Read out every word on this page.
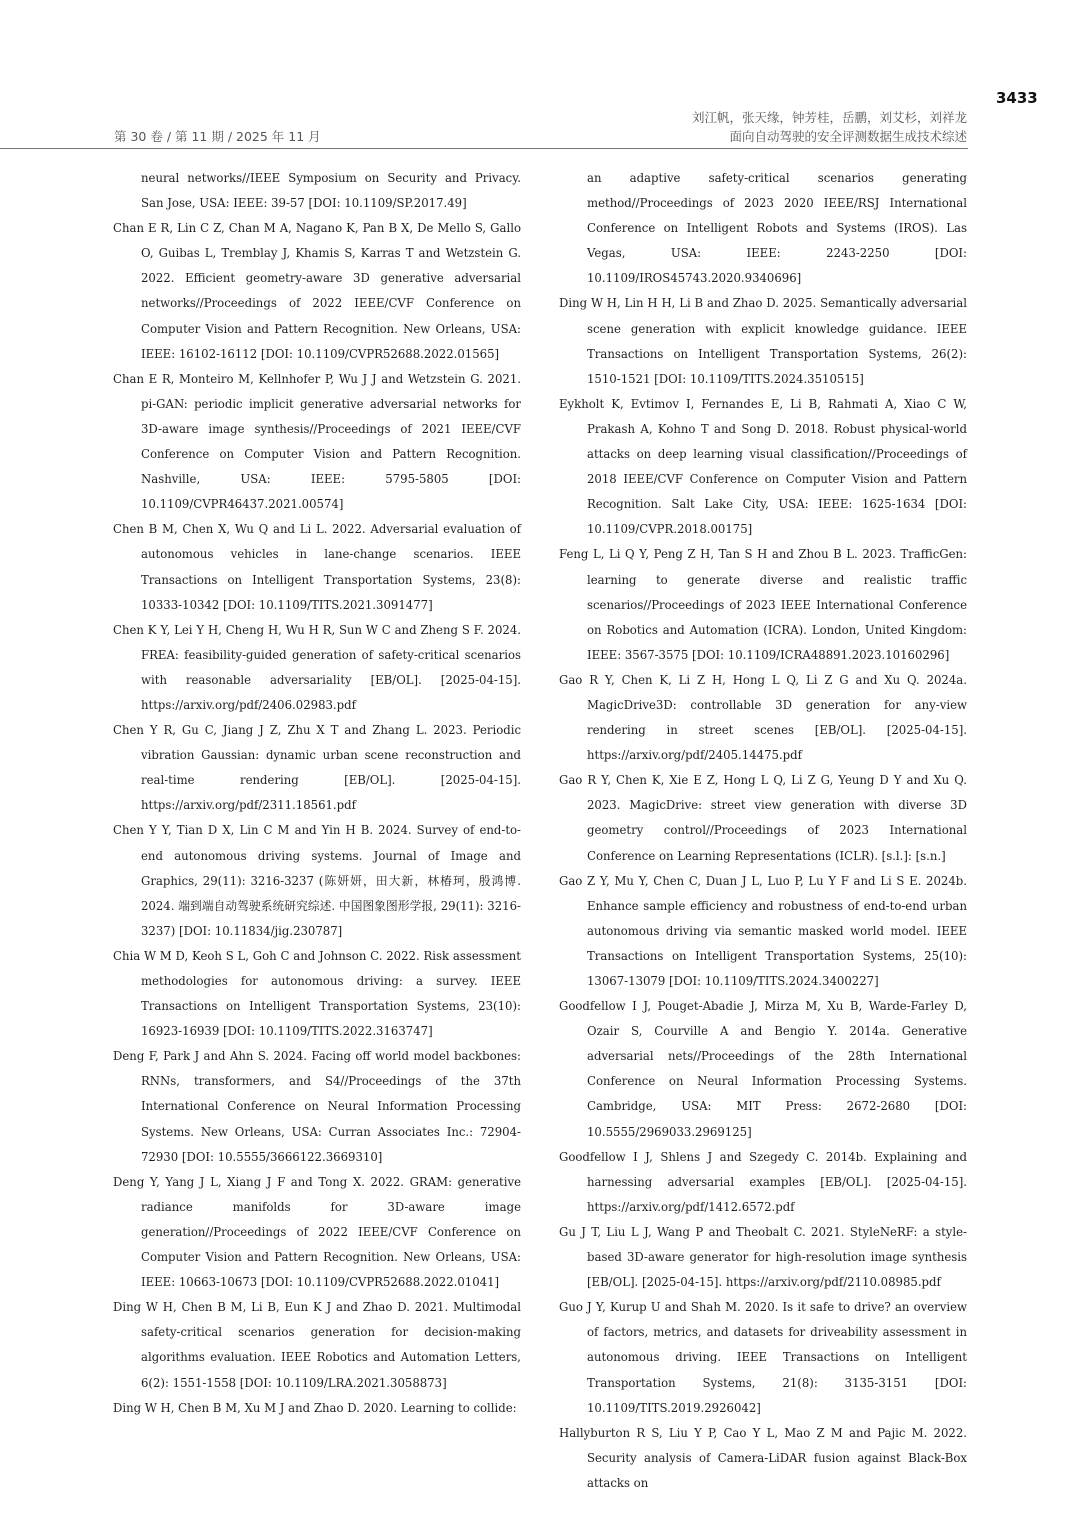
3433
第 30 卷 / 第 11 期 / 2025 年 11 月
刘江帆，张天缘，钟芳桂，岳鹏，刘艾杉，刘祥龙
面向自动驾驶的安全评测数据生成技术综述
neural networks//IEEE Symposium on Security and Privacy. San Jose, USA: IEEE: 39-57 [DOI: 10.1109/SP.2017.49]
Chan E R, Lin C Z, Chan M A, Nagano K, Pan B X, De Mello S, Gallo O, Guibas L, Tremblay J, Khamis S, Karras T and Wetzstein G. 2022. Efficient geometry-aware 3D generative adversarial networks//Proceedings of 2022 IEEE/CVF Conference on Computer Vision and Pattern Recognition. New Orleans, USA: IEEE: 16102-16112 [DOI: 10.1109/CVPR52688.2022.01565]
Chan E R, Monteiro M, Kellnhofer P, Wu J J and Wetzstein G. 2021. pi-GAN: periodic implicit generative adversarial networks for 3D-aware image synthesis//Proceedings of 2021 IEEE/CVF Conference on Computer Vision and Pattern Recognition. Nashville, USA: IEEE: 5795-5805 [DOI: 10.1109/CVPR46437.2021.00574]
Chen B M, Chen X, Wu Q and Li L. 2022. Adversarial evaluation of autonomous vehicles in lane-change scenarios. IEEE Transactions on Intelligent Transportation Systems, 23(8): 10333-10342 [DOI: 10.1109/TITS.2021.3091477]
Chen K Y, Lei Y H, Cheng H, Wu H R, Sun W C and Zheng S F. 2024. FREA: feasibility-guided generation of safety-critical scenarios with reasonable adversariality [EB/OL]. [2025-04-15]. https://arxiv.org/pdf/2406.02983.pdf
Chen Y R, Gu C, Jiang J Z, Zhu X T and Zhang L. 2023. Periodic vibration Gaussian: dynamic urban scene reconstruction and real-time rendering [EB/OL]. [2025-04-15]. https://arxiv.org/pdf/2311.18561.pdf
Chen Y Y, Tian D X, Lin C M and Yin H B. 2024. Survey of end-to-end autonomous driving systems. Journal of Image and Graphics, 29(11): 3216-3237 (陈妍妍，田大新，林椿珂，殷鸿博. 2024. 端到端自动驾驶系统研究综述. 中国图象图形学报, 29(11): 3216-3237) [DOI: 10.11834/jig.230787]
Chia W M D, Keoh S L, Goh C and Johnson C. 2022. Risk assessment methodologies for autonomous driving: a survey. IEEE Transactions on Intelligent Transportation Systems, 23(10): 16923-16939 [DOI: 10.1109/TITS.2022.3163747]
Deng F, Park J and Ahn S. 2024. Facing off world model backbones: RNNs, transformers, and S4//Proceedings of the 37th International Conference on Neural Information Processing Systems. New Orleans, USA: Curran Associates Inc.: 72904-72930 [DOI: 10.5555/3666122.3669310]
Deng Y, Yang J L, Xiang J F and Tong X. 2022. GRAM: generative radiance manifolds for 3D-aware image generation//Proceedings of 2022 IEEE/CVF Conference on Computer Vision and Pattern Recognition. New Orleans, USA: IEEE: 10663-10673 [DOI: 10.1109/CVPR52688.2022.01041]
Ding W H, Chen B M, Li B, Eun K J and Zhao D. 2021. Multimodal safety-critical scenarios generation for decision-making algorithms evaluation. IEEE Robotics and Automation Letters, 6(2): 1551-1558 [DOI: 10.1109/LRA.2021.3058873]
Ding W H, Chen B M, Xu M J and Zhao D. 2020. Learning to collide:
an adaptive safety-critical scenarios generating method//Proceedings of 2023 2020 IEEE/RSJ International Conference on Intelligent Robots and Systems (IROS). Las Vegas, USA: IEEE: 2243-2250 [DOI: 10.1109/IROS45743.2020.9340696]
Ding W H, Lin H H, Li B and Zhao D. 2025. Semantically adversarial scene generation with explicit knowledge guidance. IEEE Transactions on Intelligent Transportation Systems, 26(2): 1510-1521 [DOI: 10.1109/TITS.2024.3510515]
Eykholt K, Evtimov I, Fernandes E, Li B, Rahmati A, Xiao C W, Prakash A, Kohno T and Song D. 2018. Robust physical-world attacks on deep learning visual classification//Proceedings of 2018 IEEE/CVF Conference on Computer Vision and Pattern Recognition. Salt Lake City, USA: IEEE: 1625-1634 [DOI: 10.1109/CVPR.2018.00175]
Feng L, Li Q Y, Peng Z H, Tan S H and Zhou B L. 2023. TrafficGen: learning to generate diverse and realistic traffic scenarios//Proceedings of 2023 IEEE International Conference on Robotics and Automation (ICRA). London, United Kingdom: IEEE: 3567-3575 [DOI: 10.1109/ICRA48891.2023.10160296]
Gao R Y, Chen K, Li Z H, Hong L Q, Li Z G and Xu Q. 2024a. MagicDrive3D: controllable 3D generation for any-view rendering in street scenes [EB/OL]. [2025-04-15]. https://arxiv.org/pdf/2405.14475.pdf
Gao R Y, Chen K, Xie E Z, Hong L Q, Li Z G, Yeung D Y and Xu Q. 2023. MagicDrive: street view generation with diverse 3D geometry control//Proceedings of 2023 International Conference on Learning Representations (ICLR). [s.l.]: [s.n.]
Gao Z Y, Mu Y, Chen C, Duan J L, Luo P, Lu Y F and Li S E. 2024b. Enhance sample efficiency and robustness of end-to-end urban autonomous driving via semantic masked world model. IEEE Transactions on Intelligent Transportation Systems, 25(10): 13067-13079 [DOI: 10.1109/TITS.2024.3400227]
Goodfellow I J, Pouget-Abadie J, Mirza M, Xu B, Warde-Farley D, Ozair S, Courville A and Bengio Y. 2014a. Generative adversarial nets//Proceedings of the 28th International Conference on Neural Information Processing Systems. Cambridge, USA: MIT Press: 2672-2680 [DOI: 10.5555/2969033.2969125]
Goodfellow I J, Shlens J and Szegedy C. 2014b. Explaining and harnessing adversarial examples [EB/OL]. [2025-04-15]. https://arxiv.org/pdf/1412.6572.pdf
Gu J T, Liu L J, Wang P and Theobalt C. 2021. StyleNeRF: a style-based 3D-aware generator for high-resolution image synthesis [EB/OL]. [2025-04-15]. https://arxiv.org/pdf/2110.08985.pdf
Guo J Y, Kurup U and Shah M. 2020. Is it safe to drive? an overview of factors, metrics, and datasets for driveability assessment in autonomous driving. IEEE Transactions on Intelligent Transportation Systems, 21(8): 3135-3151 [DOI: 10.1109/TITS.2019.2926042]
Hallyburton R S, Liu Y P, Cao Y L, Mao Z M and Pajic M. 2022. Security analysis of Camera-LiDAR fusion against Black-Box attacks on
